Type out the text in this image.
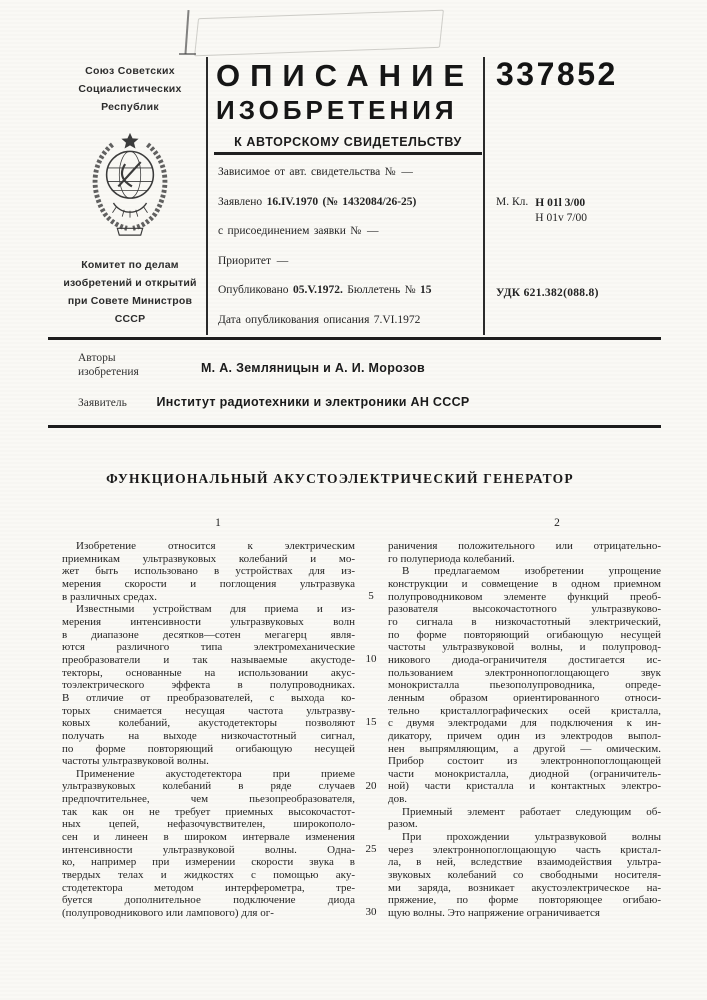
Союз Советских
Социалистических
Республик
Комитет по делам
изобретений и открытий
при Совете Министров
СССР
ОПИСАНИЕ
ИЗОБРЕТЕНИЯ
К АВТОРСКОМУ СВИДЕТЕЛЬСТВУ
Зависимое от авт. свидетельства № —
Заявлено 16.IV.1970 (№ 1432084/26-25)
с присоединением заявки № —
Приоритет —
Опубликовано 05.V.1972. Бюллетень № 15
Дата опубликования описания 7.VI.1972
337852
М. Кл. H 01l 3/00
H 01v 7/00
УДК 621.382(088.8)
Авторы
изобретения	М. А. Земляницын и А. И. Морозов
Заявитель	Институт радиотехники и электроники АН СССР
ФУНКЦИОНАЛЬНЫЙ АКУСТОЭЛЕКТРИЧЕСКИЙ ГЕНЕРАТОР
1	2
Изобретение относится к электрическим
приемникам ультразвуковых колебаний и мо-
жет быть использовано в устройствах для из-
мерения скорости и поглощения ультразвука
в различных средах.
Известными устройствам для приема и из-
мерения интенсивности ультразвуковых волн
в диапазоне десятков—сотен мегагерц явля-
ются различного типа электромеханические
преобразователи и так называемые акустоде-
текторы, основанные на использовании акус-
тоэлектрического эффекта в полупроводниках.
В отличие от преобразователей, с выхода ко-
торых снимается несущая частота ультразву-
ковых колебаний, акустодетекторы позволяют
получать на выходе низкочастотный сигнал,
по форме повторяющий огибающую несущей
частоты ультразвуковой волны.
Применение акустодетектора при приеме
ультразвуковых колебаний в ряде случаев
предпочтительнее, чем пьезопреобразователя,
так как он не требует приемных высокочастот-
ных цепей, нефазочувствителен, широкополо-
сен и линеен в широком интервале изменения
интенсивности ультразвуковой волны. Одна-
ко, например при измерении скорости звука в
твердых телах и жидкостях с помощью аку-
стодетектора методом интерферометра, тре-
буется дополнительное подключение диода
(полупроводникового или лампового) для ог-
5
10
15
20
25
30
раничения положительного или отрицательно-
го полупериода колебаний.
В предлагаемом изобретении упрощение
конструкции и совмещение в одном приемном
полупроводниковом элементе функций преоб-
разователя высокочастотного ультразвуково-
го сигнала в низкочастотный электрический,
по форме повторяющий огибающую несущей
частоты ультразвуковой волны, и полупровод-
никового диода-ограничителя достигается ис-
пользованием электроннопоглощающего звук
монокристалла пьезополупроводника, опреде-
ленным образом ориентированного относи-
тельно кристаллографических осей кристалла,
с двумя электродами для подключения к ин-
дикатору, причем один из электродов выпол-
нен выпрямляющим, а другой — омическим.
Прибор состоит из электроннопоглощающей
части монокристалла, диодной (ограничитель-
ной) части кристалла и контактных электро-
дов.
Приемный элемент работает следующим об-
разом.
При прохождении ультразвуковой волны
через электроннопоглощающую часть кристал-
ла, в ней, вследствие взаимодействия ультра-
звуковых колебаний со свободными носителя-
ми заряда, возникает акустоэлектрическое на-
пряжение, по форме повторяющее огибаю-
щую волны. Это напряжение ограничивается
